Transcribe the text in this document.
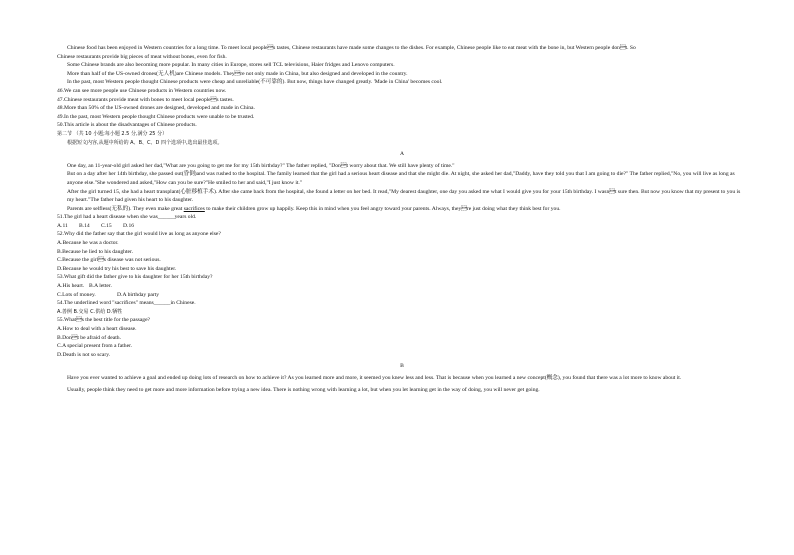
Chinese food has been enjoyed in Western countries for a long time. To meet local peoples tastes, Chinese restaurants have made some changes to the dishes. For example, Chinese people like to eat meat with the bone in, but Western people dont. So
Chinese restaurants provide big pieces of meat without bones, even for fish.
Some Chinese brands are also becoming more popular. In many cities in Europe, stores sell TCL televisions, Haier fridges and Lenovo computers.
More than half of the US-owned drones(无人机)are Chinese models. Theyre not only made in China, but also designed and developed in the country.
In the past, most Western people thought Chinese products were cheap and unreliable(不可靠的). But now, things have changed greatly. 'Made in China' becomes cool.
46.We can see more people use Chinese products in Western countries now.
47.Chinese restaurants provide meat with bones to meet local peoples tastes.
48.More than 50% of the US-owned drones are designed, developed and made in China.
49.In the past, most Western people thought Chinese products were unable to be trusted.
50.This article is about the disadvantages of Chinese products.
第二节 （共 10 小题;每小题 2.5 分,满分 25 分）
根据短文内容,从题中所给的 A、B、C、D 四个选项中,选出最佳选项。
A
One day, an 11-year-old girl asked her dad,"What are you going to get me for my 15th birthday?" The father replied, "Dont worry about that. We still have plenty of time."
But on a day after her 14th birthday, she passed out(昏倒)and was rushed to the hospital. The family learned that the girl had a serious heart disease and that she might die. At night, she asked her dad,"Daddy, have they told you that I am going to die?" The father replied,"No, you will live as long as anyone else."She wondered and asked,"How can you be sure?"He smiled to her and said,"I just know it."
After the girl turned 15, she had a heart transplant(心脏移植手术). After she came back from the hospital, she found a letter on her bed. It read,"My dearest daughter, one day you asked me what I would give you for your 15th birthday. I wasnt sure then. But now you know that my present to you is my heart."The father had given his heart to his daughter.
Parents are selfless(无私的). They even make great sacrifices to make their children grow up happily. Keep this in mind when you feel angry toward your parents. Always, theyre just doing what they think best for you.
51.The girl had a heart disease when she was______years old.
A.11 B.14 C.15 D.16
52.Why did the father say that the girl would live as long as anyone else?
A.Because he was a doctor.
B.Because he lied to his daughter.
C.Because the girls disease was not serious.
D.Because he would try his best to save his daughter.
53.What gift did the father give to his daughter for her 15th birthday?
A.His heart. B.A letter.
C.Lots of money.	D.A birthday party
54.The underlined word "sacrifices" means______in Chinese.
A.善例 B.交易 C.供给 D.牺牲
55.Whats the best title for the passage?
A.How to deal with a heart disease.
B.Dont be afraid of death.
C.A special present from a father.
D.Death is not so scary.
B
Have you ever wanted to achieve a goal and ended up doing lots of research on how to achieve it? As you learned more and more, it seemed you knew less and less. That is because when you learned a new concept(概念), you found that there was a lot more to know about it.
Usually, people think they need to get more and more information before trying a new idea. There is nothing wrong with learning a lot, but when you let learning get in the way of doing, you will never get going.
